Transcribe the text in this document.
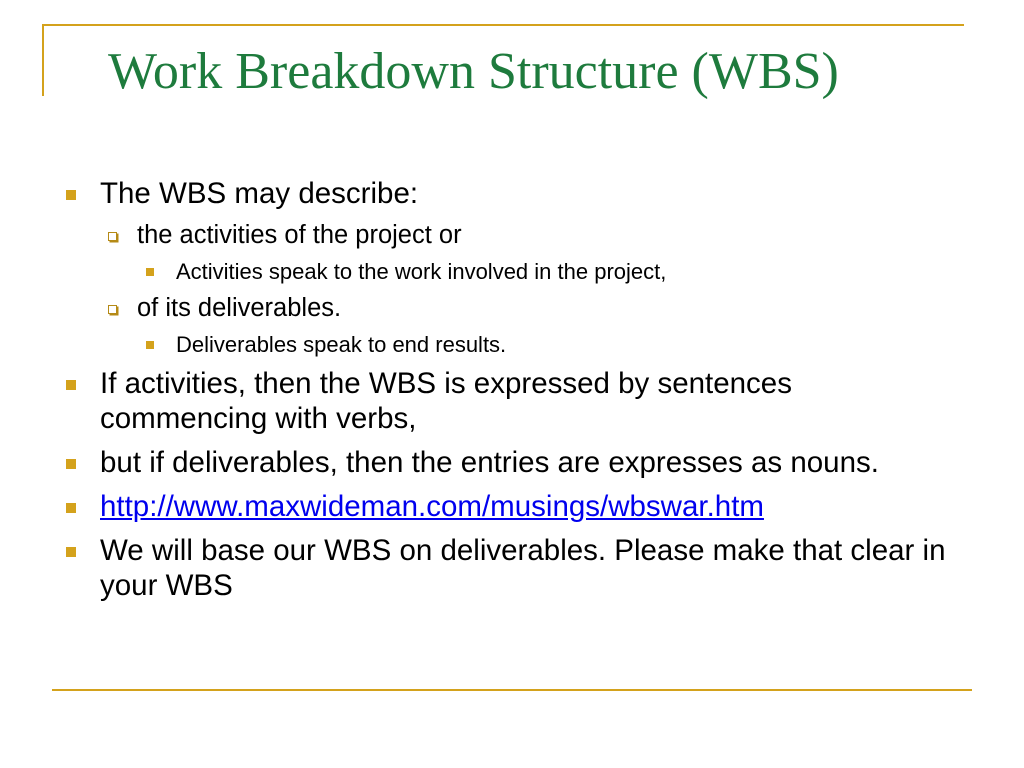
Work Breakdown Structure (WBS)
The WBS may describe:
the activities of the project or
Activities speak to the work involved in the project,
of its deliverables.
Deliverables speak to end results.
If activities, then the WBS is expressed by sentences commencing with verbs,
but if deliverables, then the entries are expresses as nouns.
http://www.maxwideman.com/musings/wbswar.htm
We will base our WBS on deliverables. Please make that clear in your WBS
